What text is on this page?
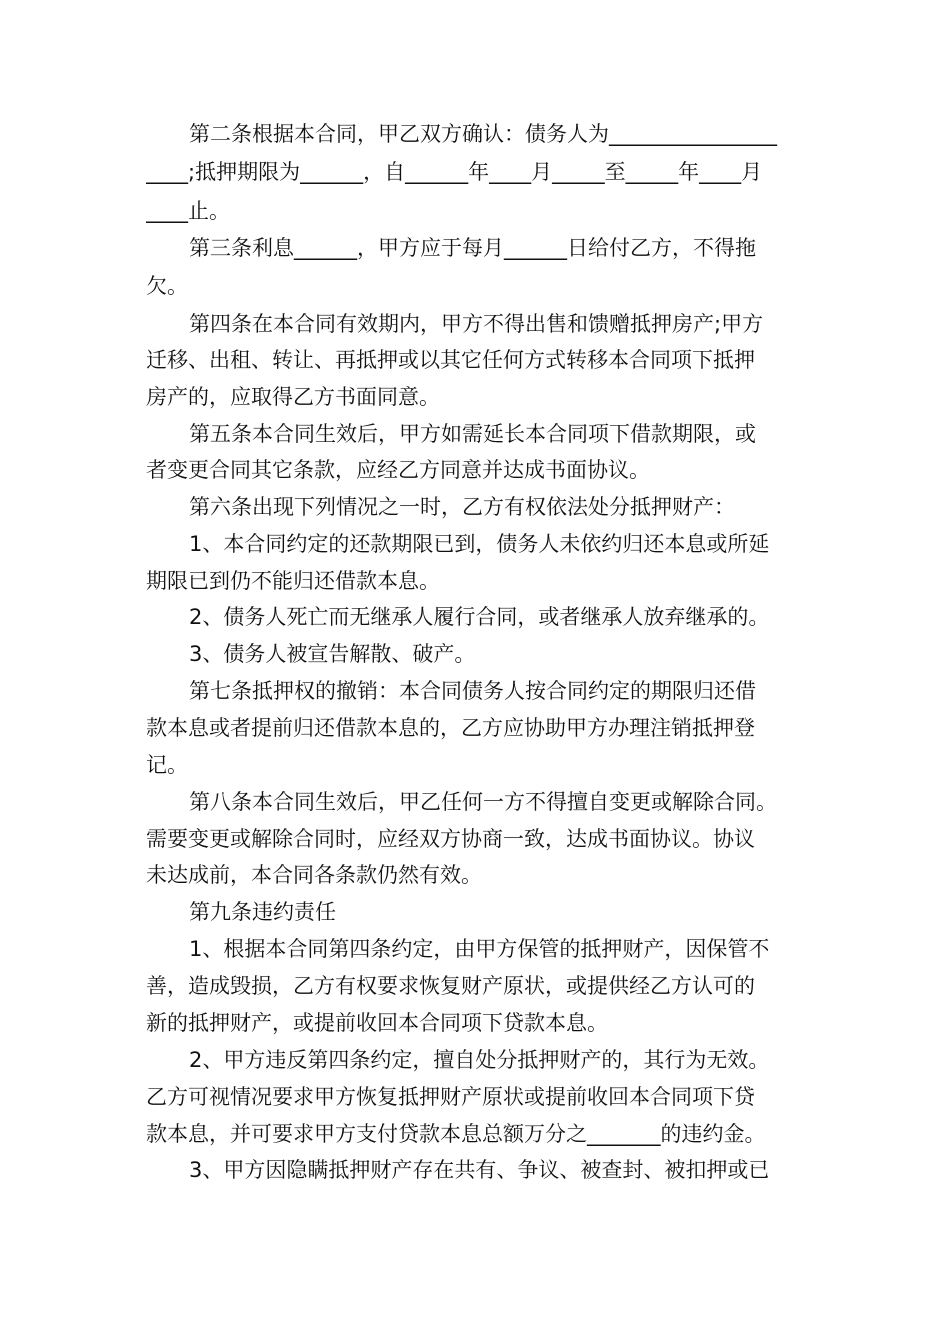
第二条根据本合同，甲乙双方确认：债务人为________________
____;抵押期限为______，自______年____月_____至_____年____月
____止。
第三条利息______，甲方应于每月______日给付乙方，不得拖
欠。
第四条在本合同有效期内，甲方不得出售和馈赠抵押房产;甲方
迁移、出租、转让、再抵押或以其它任何方式转移本合同项下抵押
房产的，应取得乙方书面同意。
第五条本合同生效后，甲方如需延长本合同项下借款期限，或
者变更合同其它条款，应经乙方同意并达成书面协议。
第六条出现下列情况之一时，乙方有权依法处分抵押财产：
1、本合同约定的还款期限已到，债务人未依约归还本息或所延
期限已到仍不能归还借款本息。
2、债务人死亡而无继承人履行合同，或者继承人放弃继承的。
3、债务人被宣告解散、破产。
第七条抵押权的撤销：本合同债务人按合同约定的期限归还借
款本息或者提前归还借款本息的，乙方应协助甲方办理注销抵押登
记。
第八条本合同生效后，甲乙任何一方不得擅自变更或解除合同。
需要变更或解除合同时，应经双方协商一致，达成书面协议。协议
未达成前，本合同各条款仍然有效。
第九条违约责任
1、根据本合同第四条约定，由甲方保管的抵押财产，因保管不
善，造成毁损，乙方有权要求恢复财产原状，或提供经乙方认可的
新的抵押财产，或提前收回本合同项下贷款本息。
2、甲方违反第四条约定，擅自处分抵押财产的，其行为无效。
乙方可视情况要求甲方恢复抵押财产原状或提前收回本合同项下贷
款本息，并可要求甲方支付贷款本息总额万分之_______的违约金。
3、甲方因隐瞒抵押财产存在共有、争议、被查封、被扣押或已
